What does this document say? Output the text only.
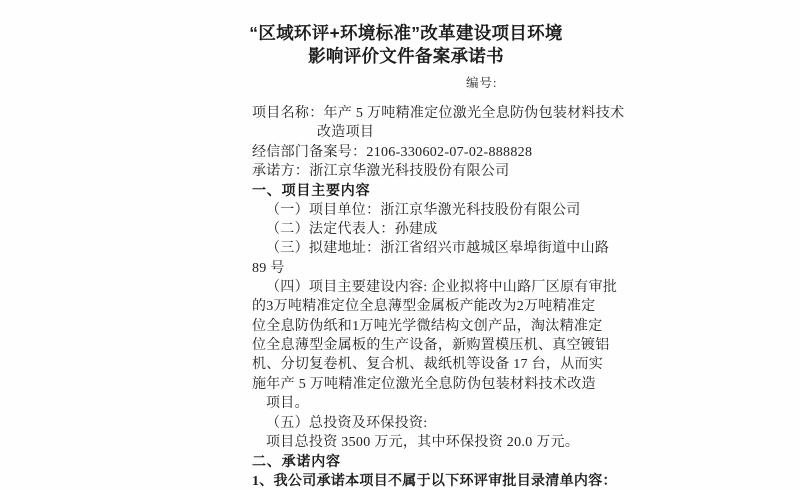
“区域环评+环境标准”改革建设项目环境
影响评价文件备案承诺书
编号:
项目名称：年产 5 万吨精准定位激光全息防伪包装材料技术
改造项目
经信部门备案号：2106-330602-07-02-888828
承诺方：浙江京华激光科技股份有限公司
一、项目主要内容
（一）项目单位：浙江京华激光科技股份有限公司
（二）法定代表人：孙建成
（三）拟建地址：浙江省绍兴市越城区皋埠街道中山路
89 号
（四）项目主要建设内容: 企业拟将中山路厂区原有审批
的3万吨精准定位全息薄型金属板产能改为2万吨精准定
位全息防伪纸和1万吨光学微结构文创产品，淘汰精准定
位全息薄型金属板的生产设备，新购置模压机、真空镀铝
机、分切复卷机、复合机、裁纸机等设备 17 台，从而实
施年产 5 万吨精准定位激光全息防伪包装材料技术改造
项目。
（五）总投资及环保投资:
项目总投资 3500 万元，其中环保投资 20.0 万元。
二、承诺内容
1、我公司承诺本项目不属于以下环评审批目录清单内容：
